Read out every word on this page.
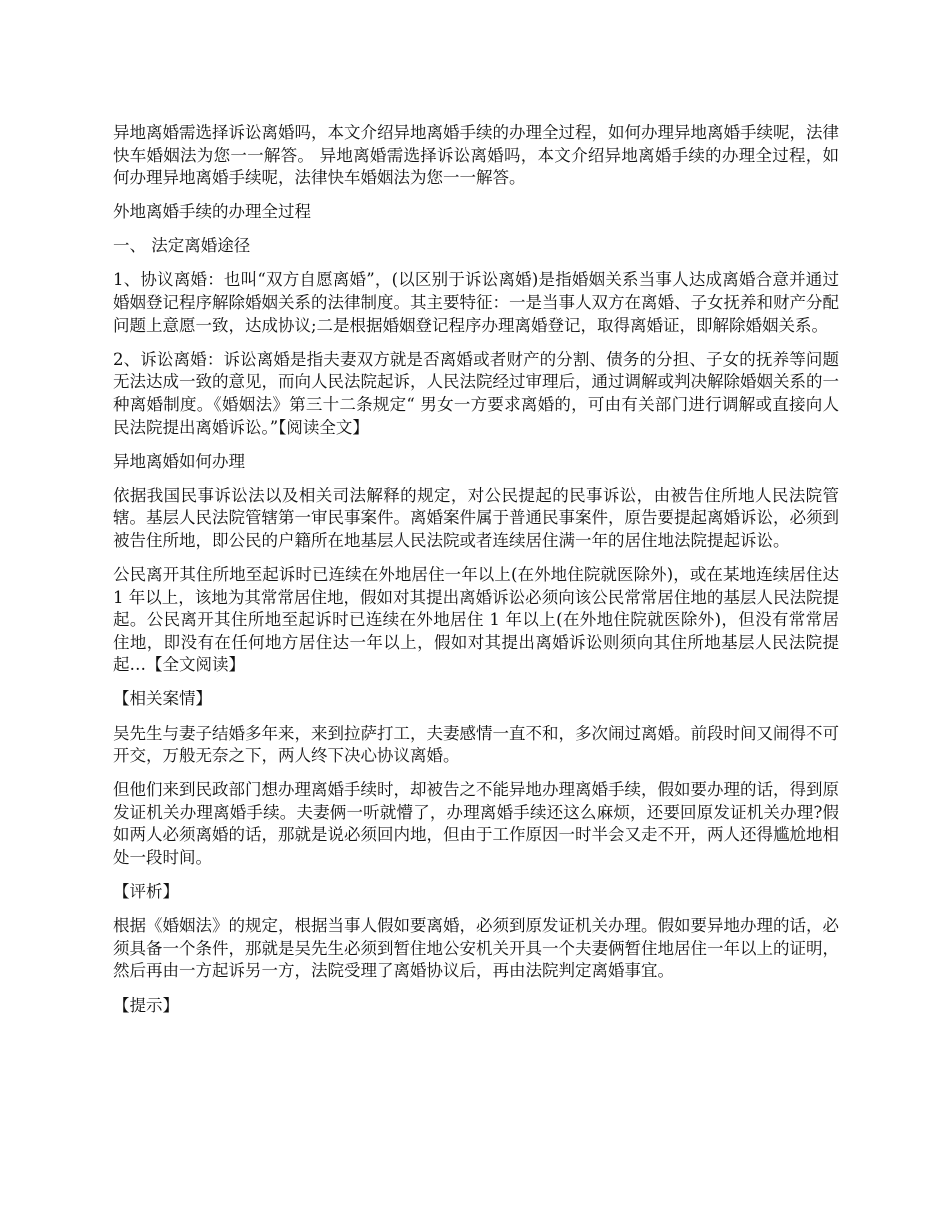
异地离婚需选择诉讼离婚吗，本文介绍异地离婚手续的办理全过程，如何办理异地离婚手续呢，法律快车婚姻法为您一一解答。 异地离婚需选择诉讼离婚吗，本文介绍异地离婚手续的办理全过程，如何办理异地离婚手续呢，法律快车婚姻法为您一一解答。

外地离婚手续的办理全过程

一、 法定离婚途径

1、协议离婚：也叫“双方自愿离婚”，(以区别于诉讼离婚)是指婚姻关系当事人达成离婚合意并通过婚姻登记程序解除婚姻关系的法律制度。其主要特征：一是当事人双方在离婚、子女抚养和财产分配问题上意愿一致，达成协议;二是根据婚姻登记程序办理离婚登记，取得离婚证，即解除婚姻关系。

2、诉讼离婚：诉讼离婚是指夫妻双方就是否离婚或者财产的分割、债务的分担、子女的抚养等问题无法达成一致的意见，而向人民法院起诉，人民法院经过审理后，通过调解或判决解除婚姻关系的一种离婚制度。《婚姻法》第三十二条规定“ 男女一方要求离婚的，可由有关部门进行调解或直接向人民法院提出离婚诉讼。”【阅读全文】

异地离婚如何办理

依据我国民事诉讼法以及相关司法解释的规定，对公民提起的民事诉讼，由被告住所地人民法院管辖。基层人民法院管辖第一审民事案件。离婚案件属于普通民事案件，原告要提起离婚诉讼，必须到被告住所地，即公民的户籍所在地基层人民法院或者连续居住满一年的居住地法院提起诉讼。

公民离开其住所地至起诉时已连续在外地居住一年以上(在外地住院就医除外)，或在某地连续居住达 1 年以上，该地为其常常居住地，假如对其提出离婚诉讼必须向该公民常常居住地的基层人民法院提起。公民离开其住所地至起诉时已连续在外地居住 1 年以上(在外地住院就医除外)，但没有常常居住地，即没有在任何地方居住达一年以上，假如对其提出离婚诉讼则须向其住所地基层人民法院提起…【全文阅读】

【相关案情】

吴先生与妻子结婚多年来，来到拉萨打工，夫妻感情一直不和，多次闹过离婚。前段时间又闹得不可开交，万般无奈之下，两人终下决心协议离婚。

但他们来到民政部门想办理离婚手续时，却被告之不能异地办理离婚手续，假如要办理的话，得到原发证机关办理离婚手续。夫妻俩一听就懵了，办理离婚手续还这么麻烦，还要回原发证机关办理?假如两人必须离婚的话，那就是说必须回内地，但由于工作原因一时半会又走不开，两人还得尴尬地相处一段时间。

【评析】

根据《婚姻法》的规定，根据当事人假如要离婚，必须到原发证机关办理。假如要异地办理的话，必须具备一个条件，那就是吴先生必须到暂住地公安机关开具一个夫妻俩暂住地居住一年以上的证明，然后再由一方起诉另一方，法院受理了离婚协议后，再由法院判定离婚事宜。

【提示】
